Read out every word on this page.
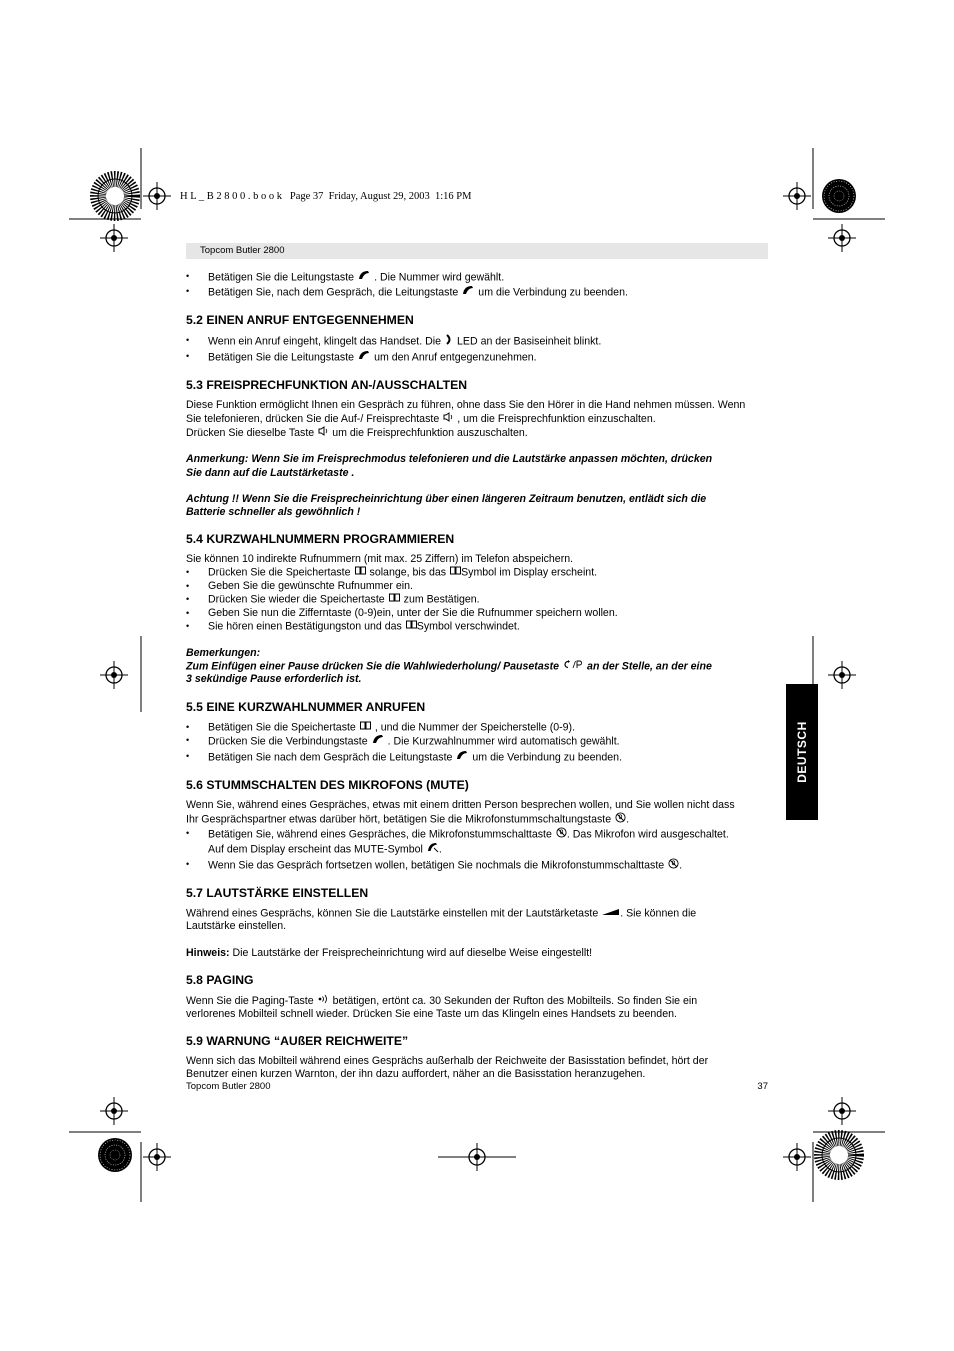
H L _ B 2 8 0 0 . b o o k   Page 37  Friday, August 29, 2003  1:16 PM
Topcom Butler 2800
• Betätigen Sie die Leitungstaste . Die Nummer wird gewählt.
• Betätigen Sie, nach dem Gespräch, die Leitungstaste um die Verbindung zu beenden.
5.2 EINEN ANRUF ENTGEGENNEHMEN
• Wenn ein Anruf eingeht, klingelt das Handset. Die LED an der Basiseinheit blinkt.
• Betätigen Sie die Leitungstaste um den Anruf entgegenzunehmen.
5.3 FREISPRECHFUNKTION AN-/AUSSCHALTEN

Diese Funktion ermöglicht Ihnen ein Gespräch zu führen, ohne dass Sie den Hörer in die Hand nehmen müssen. Wenn

Sie telefonieren, drücken Sie die Auf-/ Freisprechtaste , um die Freisprechfunktion einzuschalten.

Drücken Sie dieselbe Taste um die Freisprechfunktion auszuschalten.

Anmerkung: Wenn Sie im Freisprechmodus telefonieren und die Lautstärke anpassen möchten, drücken

Sie dann auf die Lautstärketaste .

Achtung !! Wenn Sie die Freisprecheinrichtung über einen längeren Zeitraum benutzen, entlädt sich die

Batterie schneller als gewöhnlich !

5.4 KURZWAHLNUMMERN PROGRAMMIEREN

Sie können 10 indirekte Rufnummern (mit max. 25 Ziffern) im Telefon abspeichern.

• Drücken Sie die Speichertaste solange, bis das Symbol im Display erscheint.
• Geben Sie die gewünschte Rufnummer ein.
• Drücken Sie wieder die Speichertaste zum Bestätigen.
• Geben Sie nun die Zifferntaste (0-9)ein, unter der Sie die Rufnummer speichern wollen.
• Sie hören einen Bestätigungston und das Symbol verschwindet.

Bemerkungen:

Zum Einfügen einer Pause drücken Sie die Wahlwiederholung/ Pausetaste	an der Stelle, an der eine

3 sekündige Pause erforderlich ist.

5.5 EINE KURZWAHLNUMMER ANRUFEN
• Betätigen Sie die Speichertaste , und die Nummer der Speicherstelle (0-9).
• Drücken Sie die Verbindungstaste . Die Kurzwahlnummer wird automatisch gewählt.
• Betätigen Sie nach dem Gespräch die Leitungstaste um die Verbindung zu beenden.
5.6 STUMMSCHALTEN DES MIKROFONS (MUTE)

Wenn Sie, während eines Gespräches, etwas mit einem dritten Person besprechen wollen, und Sie wollen nicht dass

Ihr Gesprächspartner etwas darüber hört, betätigen Sie die Mikrofonstummschaltungstaste .

• Betätigen Sie, während eines Gespräches, die Mikrofonstummschalttaste . Das Mikrofon wird ausgeschaltet.
Auf dem Display erscheint das MUTE-Symbol .
• Wenn Sie das Gespräch fortsetzen wollen, betätigen Sie nochmals die Mikrofonstummschalttaste .
5.7 LAUTSTÄRKE EINSTELLEN

Während eines Gesprächs, können Sie die Lautstärke einstellen mit der Lautstärketaste . Sie können die

Lautstärke einstellen.

Hinweis: Die Lautstärke der Freisprecheinrichtung wird auf dieselbe Weise eingestellt!

5.8 PAGING

Wenn Sie die Paging-Taste betätigen, ertönt ca. 30 Sekunden der Rufton des Mobilteils. So finden Sie ein

verlorenes Mobilteil schnell wieder. Drücken Sie eine Taste um das Klingeln eines Handsets zu beenden.

5.9 WARNUNG “AUßER REICHWEITE”

Wenn sich das Mobilteil während eines Gesprächs außerhalb der Reichweite der Basisstation befindet, hört der

Benutzer einen kurzen Warnton, der ihn dazu auffordert, näher an die Basisstation heranzugehen.

DEUTSCH
Topcom Butler 2800	37
